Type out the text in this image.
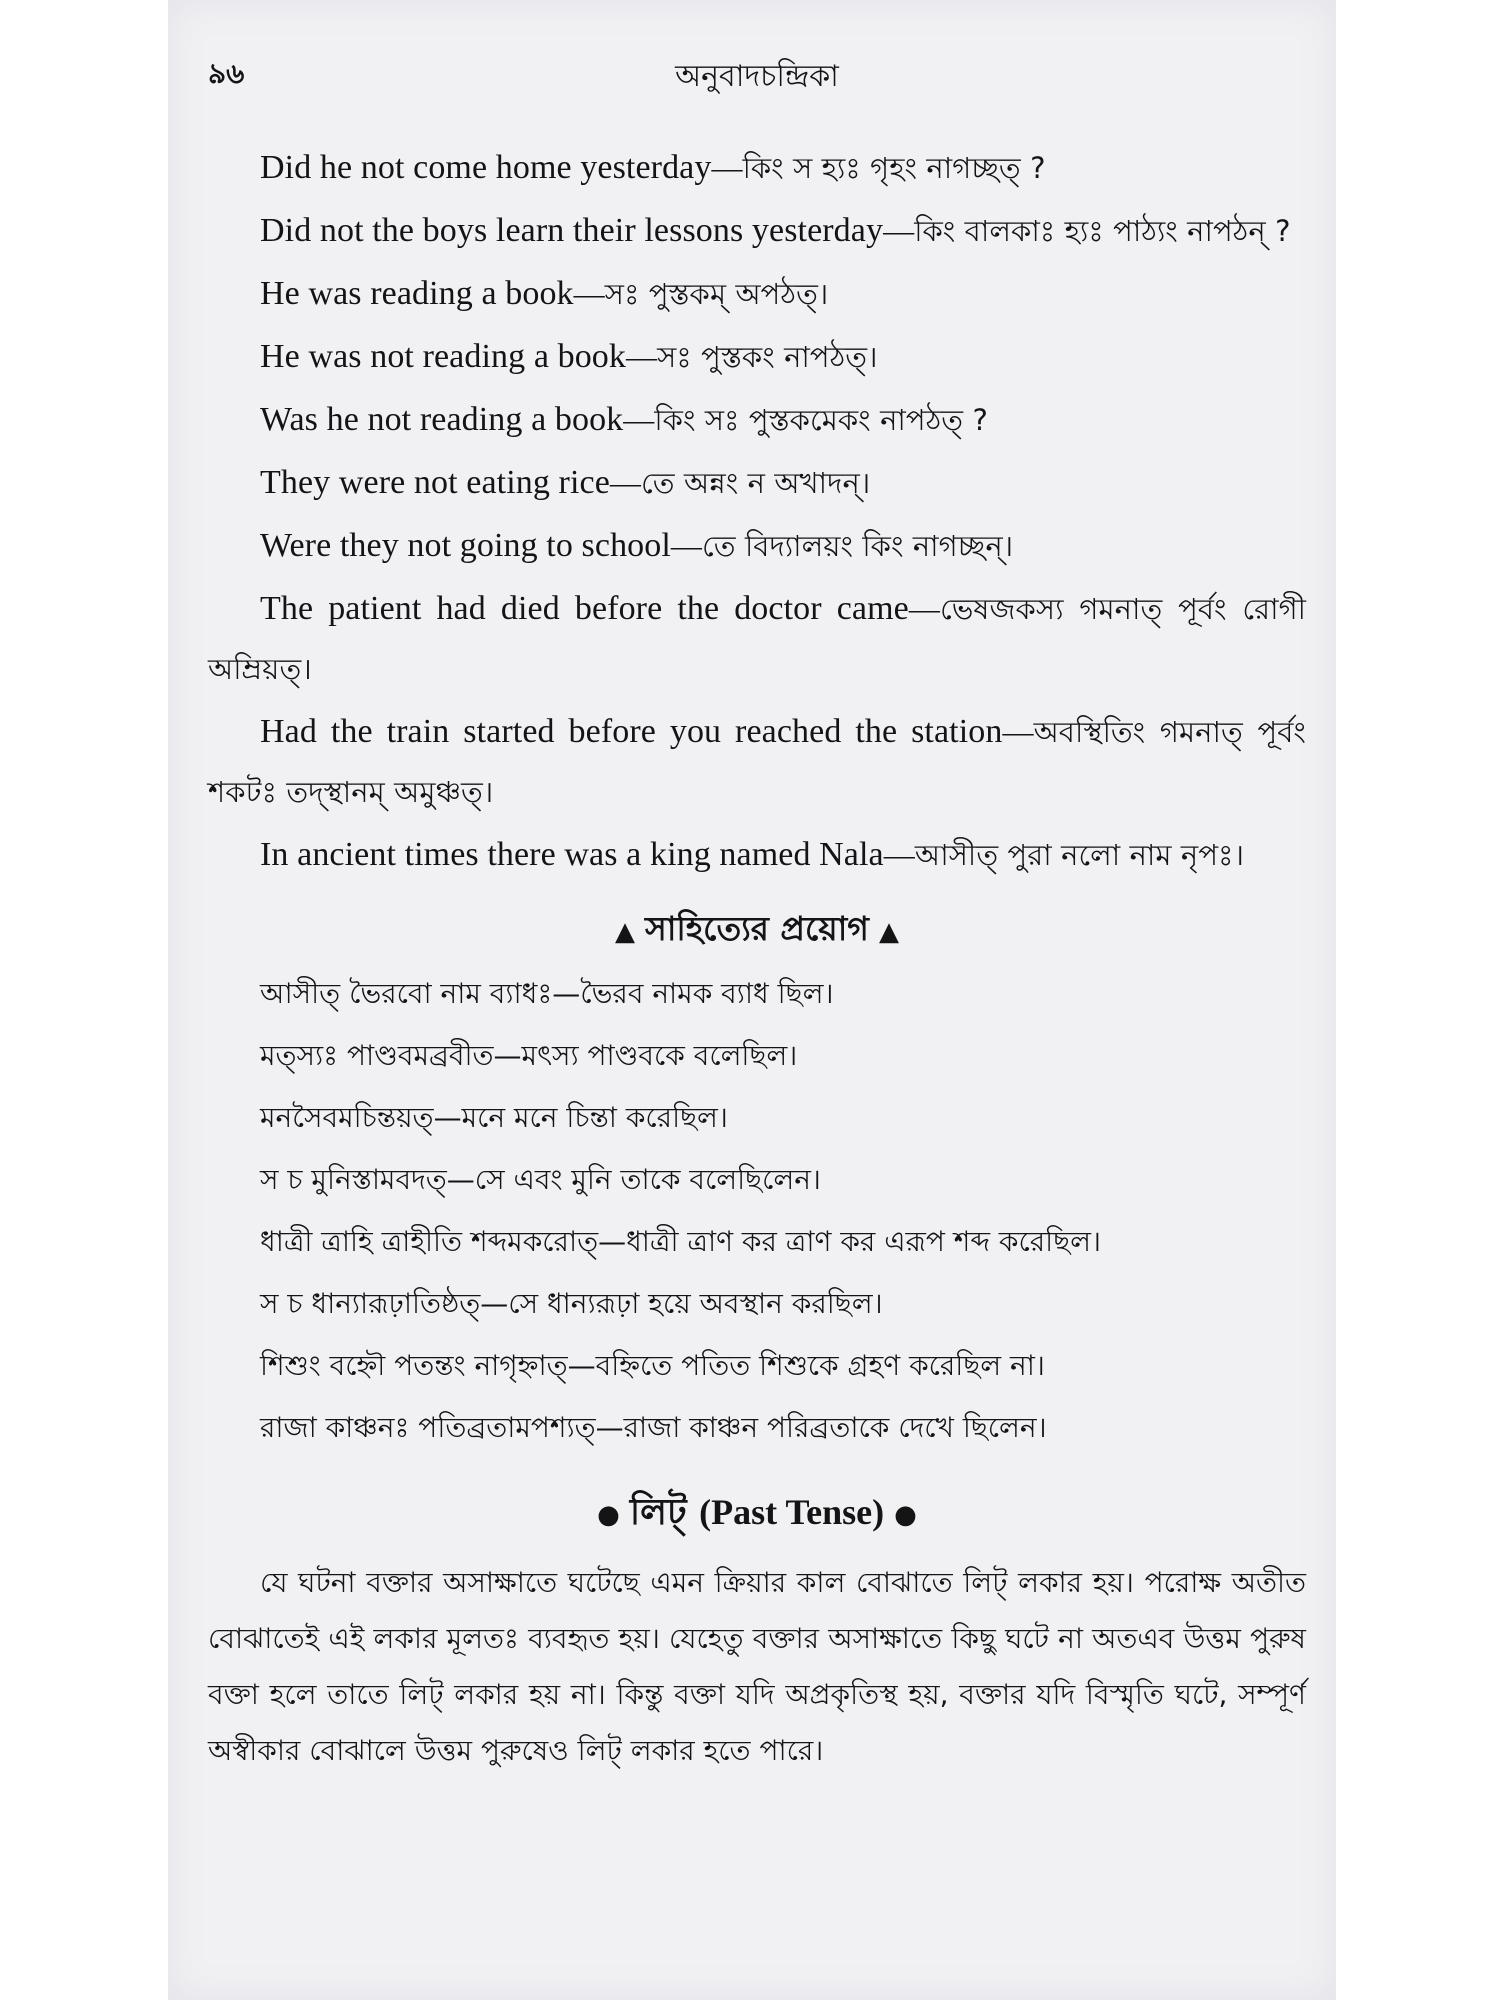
৯৬	অনুবাদচন্দ্রিকা

Did he not come home yesterday—কিং স হ্যঃ গৃহং নাগচ্ছত্ ?

Did not the boys learn their lessons yesterday—কিং বালকাঃ হ্যঃ পাঠ্যং নাপঠন্ ?

He was reading a book—সঃ পুস্তকম্ অপঠত্।

He was not reading a book—সঃ পুস্তকং নাপঠত্।

Was he not reading a book—কিং সঃ পুস্তকমেকং নাপঠত্ ?

They were not eating rice—তে অন্নং ন অখাদন্।

Were they not going to school—তে বিদ্যালয়ং কিং নাগচ্ছন্।

The patient had died before the doctor came—ভেষজকস্য গমনাত্ পূর্বং রোগী অম্রিয়ত্।

Had the train started before you reached the station—অবস্থিতিং গমনাত্ পূর্বং শকটঃ তদ্স্থানম্ অমুঞ্চত্।

In ancient times there was a king named Nala—আসীত্ পুরা নলো নাম নৃপঃ।

▲ সাহিত্যের প্রয়োগ ▲

আসীত্ ভৈরবো নাম ব্যাধঃ—ভৈরব নামক ব্যাধ ছিল।

মত্স্যঃ পাণ্ডবমব্রবীত—মৎস্য পাণ্ডবকে বলেছিল।

মনসৈবমচিন্তয়ত্—মনে মনে চিন্তা করেছিল।

স চ মুনিস্তামবদত্—সে এবং মুনি তাকে বলেছিলেন।

ধাত্রী ত্রাহি ত্রাহীতি শব্দমকরোত্—ধাত্রী ত্রাণ কর ত্রাণ কর এরূপ শব্দ করেছিল।

স চ ধান্যারূঢ়াতিষ্ঠত্—সে ধান্যরূঢ়া হয়ে অবস্থান করছিল।

শিশুং বহ্নৌ পতন্তং নাগৃহ্নাত্—বহ্নিতে পতিত শিশুকে গ্রহণ করেছিল না।

রাজা কাঞ্চনঃ পতিব্রতামপশ্যত্—রাজা কাঞ্চন পরিব্রতাকে দেখে ছিলেন।

● লিট্ (Past Tense) ●

যে ঘটনা বক্তার অসাক্ষাতে ঘটেছে এমন ক্রিয়ার কাল বোঝাতে লিট্ লকার হয়। পরোক্ষ অতীত বোঝাতেই এই লকার মূলতঃ ব্যবহৃত হয়। যেহেতু বক্তার অসাক্ষাতে কিছু ঘটে না অতএব উত্তম পুরুষ বক্তা হলে তাতে লিট্ লকার হয় না। কিন্তু বক্তা যদি অপ্রকৃতিস্থ হয়, বক্তার যদি বিস্মৃতি ঘটে, সম্পূর্ণ অস্বীকার বোঝালে উত্তম পুরুষেও লিট্ লকার হতে পারে।
